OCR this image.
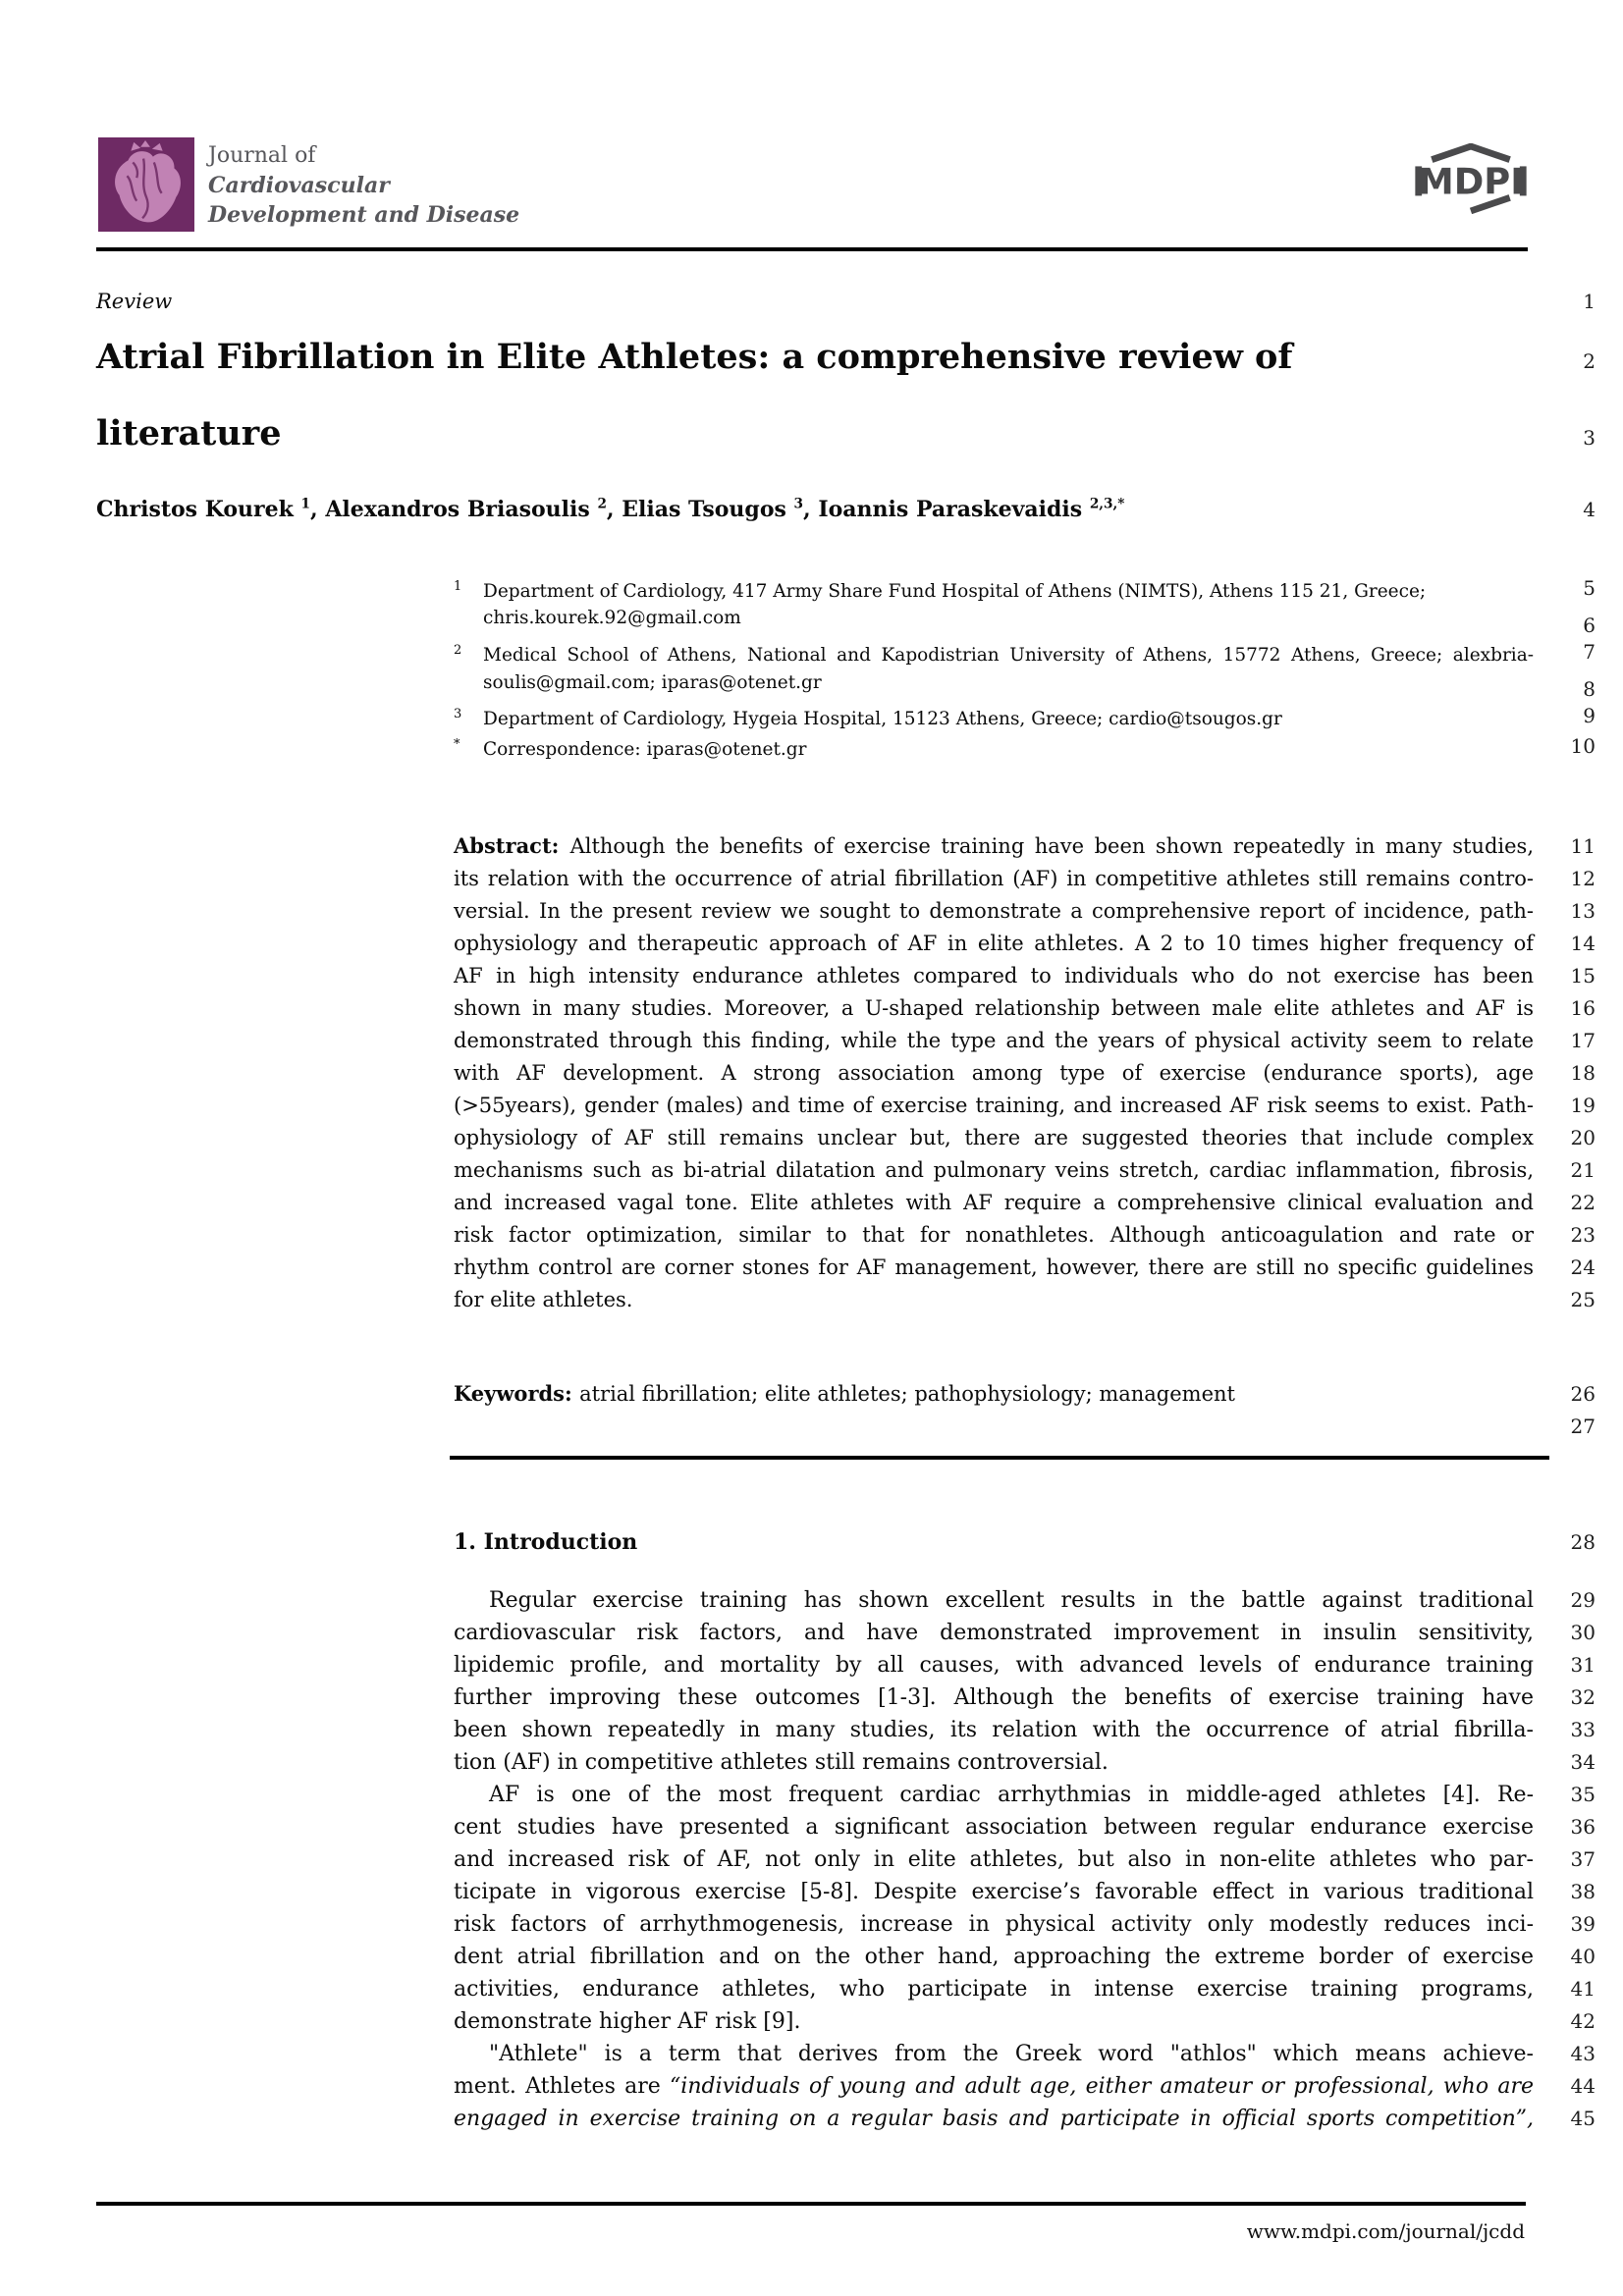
Journal of
Cardiovascular
Development and Disease
MDPI
Review	1
Atrial Fibrillation in Elite Athletes: a comprehensive review of	2
literature	3
Christos Kourek $^1$, Alexandros Briasoulis $^2$, Elias Tsougos $^3$, Ioannis Paraskevaidis $^{2,3,*}$	4
1	Department of Cardiology, 417 Army Share Fund Hospital of Athens (NIMTS), Athens 115 21, Greece;	5
chris.kourek.92@gmail.com	6
2	Medical School of Athens, National and Kapodistrian University of Athens, 15772 Athens, Greece; alexbria-	7
soulis@gmail.com; iparas@otenet.gr	8
3	Department of Cardiology, Hygeia Hospital, 15123 Athens, Greece; cardio@tsougos.gr	9
*	Correspondence: iparas@otenet.gr	10
Abstract: Although the benefits of exercise training have been shown repeatedly in many studies,	11
its relation with the occurrence of atrial fibrillation (AF) in competitive athletes still remains contro-	12
versial. In the present review we sought to demonstrate a comprehensive report of incidence, path-	13
ophysiology and therapeutic approach of AF in elite athletes. A 2 to 10 times higher frequency of	14
AF in high intensity endurance athletes compared to individuals who do not exercise has been	15
shown in many studies. Moreover, a U-shaped relationship between male elite athletes and AF is	16
demonstrated through this finding, while the type and the years of physical activity seem to relate	17
with AF development. A strong association among type of exercise (endurance sports), age	18
(>55years), gender (males) and time of exercise training, and increased AF risk seems to exist. Path-	19
ophysiology of AF still remains unclear but, there are suggested theories that include complex	20
mechanisms such as bi-atrial dilatation and pulmonary veins stretch, cardiac inflammation, fibrosis,	21
and increased vagal tone. Elite athletes with AF require a comprehensive clinical evaluation and	22
risk factor optimization, similar to that for nonathletes. Although anticoagulation and rate or	23
rhythm control are corner stones for AF management, however, there are still no specific guidelines	24
for elite athletes.	25
Keywords: atrial fibrillation; elite athletes; pathophysiology; management	26
27
1. Introduction	28
Regular exercise training has shown excellent results in the battle against traditional	29
cardiovascular risk factors, and have demonstrated improvement in insulin sensitivity,	30
lipidemic profile, and mortality by all causes, with advanced levels of endurance training	31
further improving these outcomes [1-3]. Although the benefits of exercise training have	32
been shown repeatedly in many studies, its relation with the occurrence of atrial fibrilla-	33
tion (AF) in competitive athletes still remains controversial.	34
AF is one of the most frequent cardiac arrhythmias in middle-aged athletes [4]. Re-	35
cent studies have presented a significant association between regular endurance exercise	36
and increased risk of AF, not only in elite athletes, but also in non-elite athletes who par-	37
ticipate in vigorous exercise [5-8]. Despite exercise’s favorable effect in various traditional	38
risk factors of arrhythmogenesis, increase in physical activity only modestly reduces inci-	39
dent atrial fibrillation and on the other hand, approaching the extreme border of exercise	40
activities, endurance athletes, who participate in intense exercise training programs,	41
demonstrate higher AF risk [9].	42
"Athlete" is a term that derives from the Greek word "athlos" which means achieve-	43
ment. Athletes are “individuals of young and adult age, either amateur or professional, who are	44
engaged in exercise training on a regular basis and participate in official sports competition”,	45
www.mdpi.com/journal/jcdd
